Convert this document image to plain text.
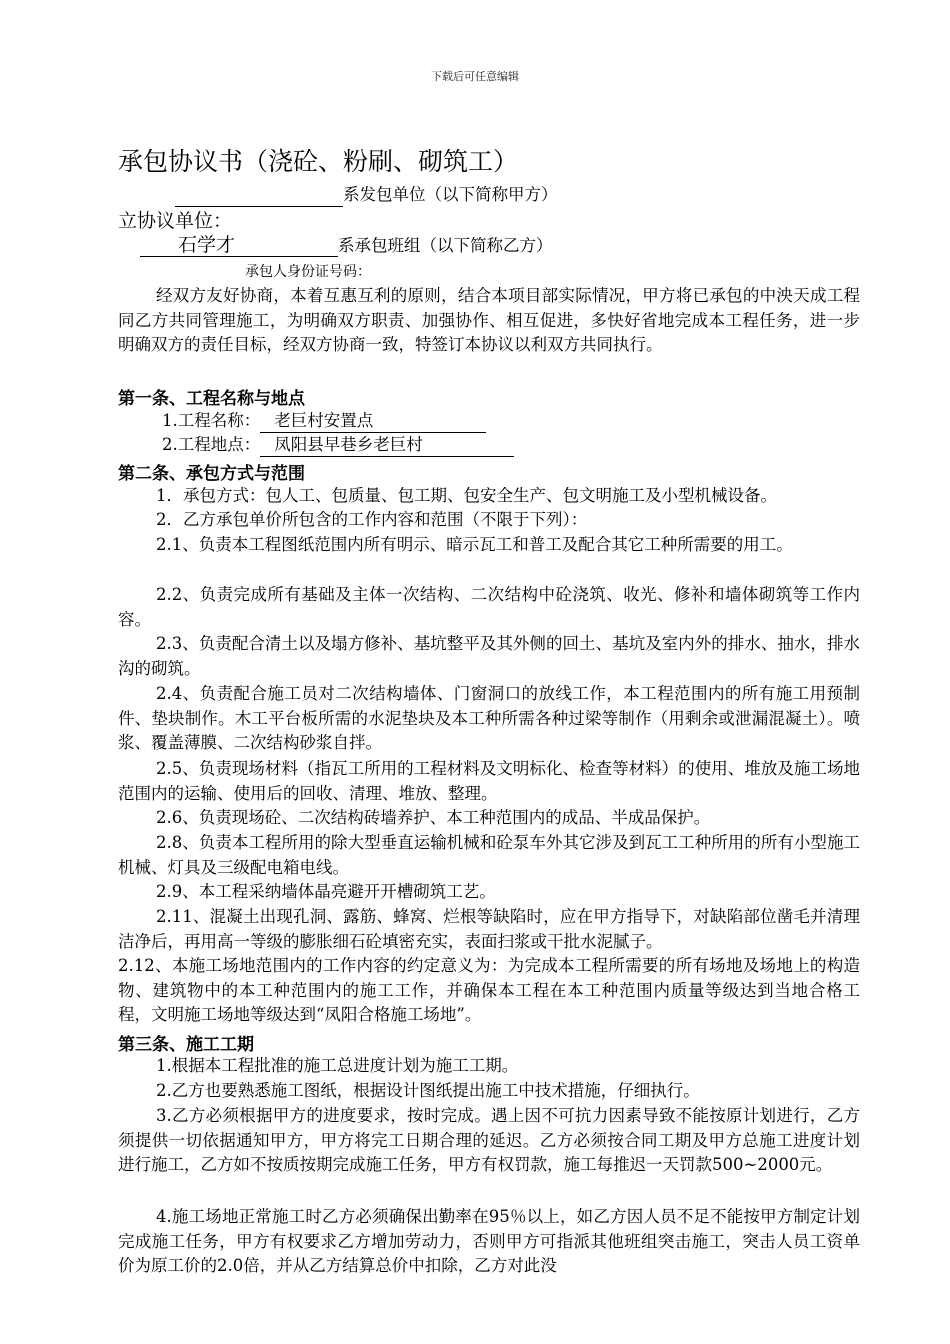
下载后可任意编辑
承包协议书（浇砼、粉刷、砌筑工）
系发包单位（以下简称甲方）
立协议单位：
石学才	系承包班组（以下简称乙方）
承包人身份证号码：
经双方友好协商，本着互惠互利的原则，结合本项目部实际情况，甲方将已承包的中泱天成工程同乙方共同管理施工，为明确双方职责、加强协作、相互促进，多快好省地完成本工程任务，进一步明确双方的责任目标，经双方协商一致，特签订本协议以利双方共同执行。
第一条、工程名称与地点
1.工程名称： 老巨村安置点
2.工程地点： 凤阳县早巷乡老巨村
第二条、承包方式与范围
1．承包方式：包人工、包质量、包工期、包安全生产、包文明施工及小型机械设备。
2．乙方承包单价所包含的工作内容和范围（不限于下列）：
2.1、负责本工程图纸范围内所有明示、暗示瓦工和普工及配合其它工种所需要的用工。
2.2、负责完成所有基础及主体一次结构、二次结构中砼浇筑、收光、修补和墙体砌筑等工作内容。
2.3、负责配合清土以及塌方修补、基坑整平及其外侧的回土、基坑及室内外的排水、抽水，排水沟的砌筑。
2.4、负责配合施工员对二次结构墙体、门窗洞口的放线工作，本工程范围内的所有施工用预制件、垫块制作。木工平台板所需的水泥垫块及本工种所需各种过梁等制作（用剩余或泄漏混凝土）。喷浆、覆盖薄膜、二次结构砂浆自拌。
2.5、负责现场材料（指瓦工所用的工程材料及文明标化、检查等材料）的使用、堆放及施工场地范围内的运输、使用后的回收、清理、堆放、整理。
2.6、负责现场砼、二次结构砖墙养护、本工种范围内的成品、半成品保护。
2.8、负责本工程所用的除大型垂直运输机械和砼泵车外其它涉及到瓦工工种所用的所有小型施工机械、灯具及三级配电箱电线。
2.9、本工程采纳墙体晶亮避开开槽砌筑工艺。
2.11、混凝土出现孔洞、露筋、蜂窝、烂根等缺陷时，应在甲方指导下，对缺陷部位凿毛并清理洁净后，再用高一等级的膨胀细石砼填密充实，表面扫浆或干批水泥腻子。
2.12、本施工场地范围内的工作内容的约定意义为：为完成本工程所需要的所有场地及场地上的构造物、建筑物中的本工种范围内的施工工作，并确保本工程在本工种范围内质量等级达到当地合格工程，文明施工场地等级达到“凤阳合格施工场地”。
第三条、施工工期
1.根据本工程批准的施工总进度计划为施工工期。
2.乙方也要熟悉施工图纸，根据设计图纸提出施工中技术措施，仔细执行。
3.乙方必须根据甲方的进度要求，按时完成。遇上因不可抗力因素导致不能按原计划进行，乙方须提供一切依据通知甲方，甲方将完工日期合理的延迟。乙方必须按合同工期及甲方总施工进度计划进行施工，乙方如不按质按期完成施工任务，甲方有权罚款，施工每推迟一天罚款500~2000元。
4.施工场地正常施工时乙方必须确保出勤率在95％以上，如乙方因人员不足不能按甲方制定计划完成施工任务，甲方有权要求乙方增加劳动力，否则甲方可指派其他班组突击施工，突击人员工资单价为原工价的2.0倍，并从乙方结算总价中扣除，乙方对此没
